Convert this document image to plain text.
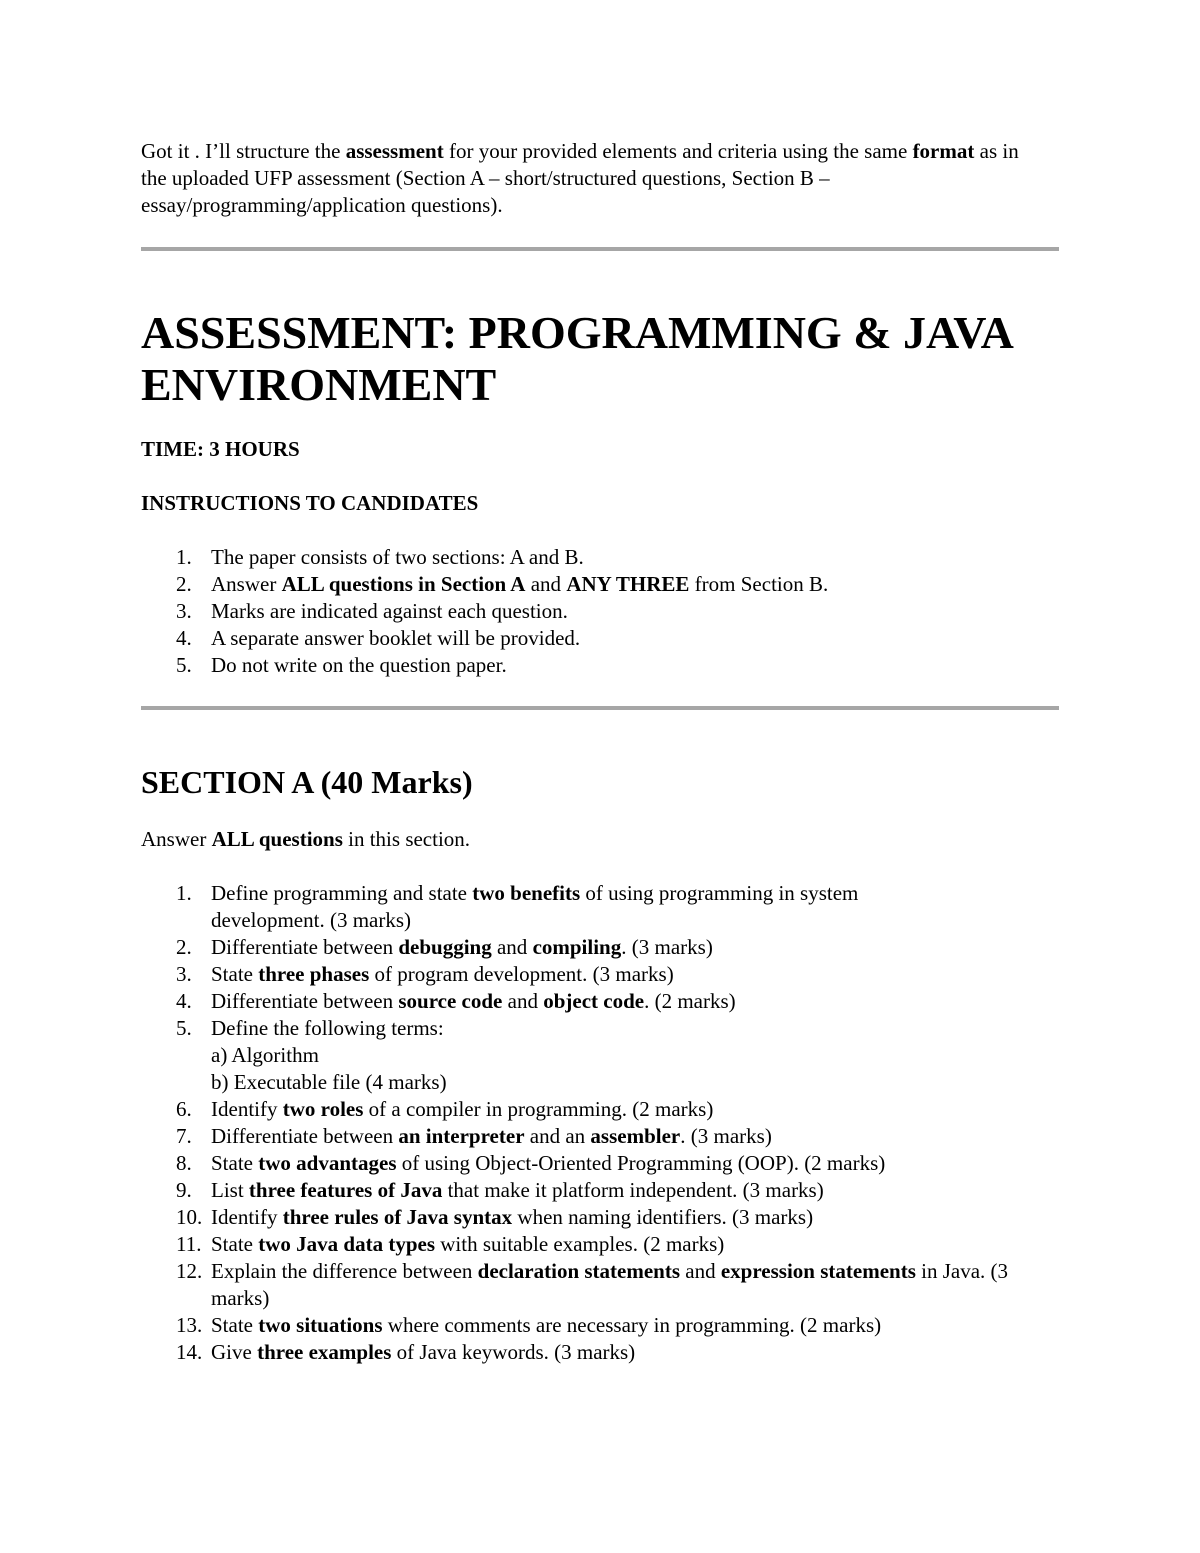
Got it . I’ll structure the assessment for your provided elements and criteria using the same format as in the uploaded UFP assessment (Section A – short/structured questions, Section B – essay/programming/application questions).

ASSESSMENT: PROGRAMMING & JAVA
ENVIRONMENT

TIME: 3 HOURS

INSTRUCTIONS TO CANDIDATES

1. The paper consists of two sections: A and B.
2. Answer ALL questions in Section A and ANY THREE from Section B.
3. Marks are indicated against each question.
4. A separate answer booklet will be provided.
5. Do not write on the question paper.
SECTION A (40 Marks)

Answer ALL questions in this section.

1. Define programming and state two benefits of using programming in system development. (3 marks)
2. Differentiate between debugging and compiling. (3 marks)
3. State three phases of program development. (3 marks)
4. Differentiate between source code and object code. (2 marks)
5. Define the following terms:
a) Algorithm
b) Executable file (4 marks)
6. Identify two roles of a compiler in programming. (2 marks)
7. Differentiate between an interpreter and an assembler. (3 marks)
8. State two advantages of using Object-Oriented Programming (OOP). (2 marks)
9. List three features of Java that make it platform independent. (3 marks)
10. Identify three rules of Java syntax when naming identifiers. (3 marks)
11. State two Java data types with suitable examples. (2 marks)
12. Explain the difference between declaration statements and expression statements in Java. (3 marks)
13. State two situations where comments are necessary in programming. (2 marks)
14. Give three examples of Java keywords. (3 marks)
